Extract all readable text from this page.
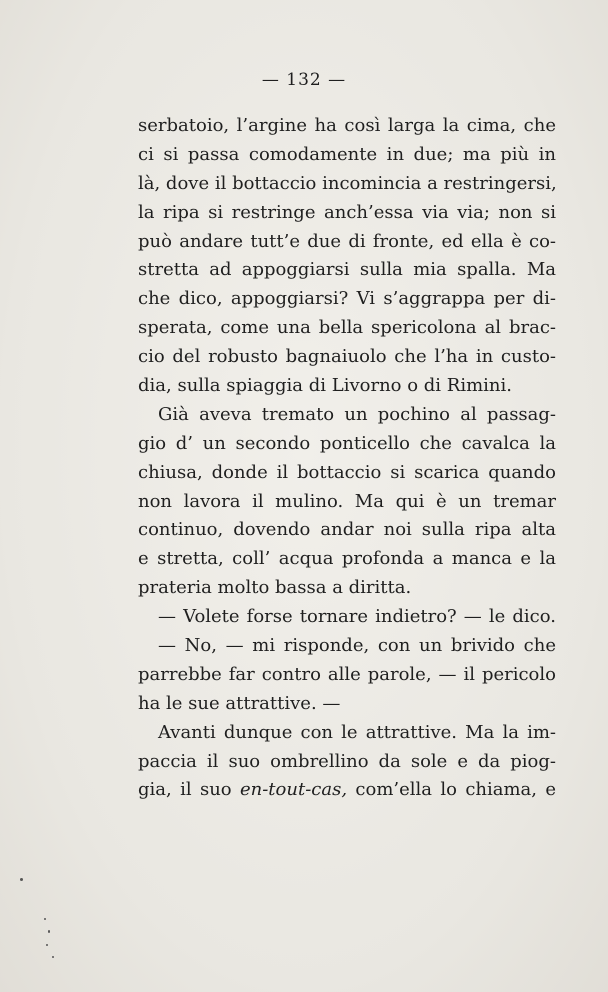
— 132 —
serbatoio, l’argine ha così larga la cima, che
ci si passa comodamente in due; ma più in
là, dove il bottaccio incomincia a restringersi,
la ripa si restringe anch’essa via via; non si
può andare tutt’e due di fronte, ed ella è co-
stretta ad appoggiarsi sulla mia spalla. Ma
che dico, appoggiarsi? Vi s’aggrappa per di-
sperata, come una bella spericolona al brac-
cio del robusto bagnaiuolo che l’ha in custo-
dia, sulla spiaggia di Livorno o di Rimini.
Già aveva tremato un pochino al passag-
gio d’ un secondo ponticello che cavalca la
chiusa, donde il bottaccio si scarica quando
non lavora il mulino. Ma qui è un tremar
continuo, dovendo andar noi sulla ripa alta
e stretta, coll’ acqua profonda a manca e la
prateria molto bassa a diritta.
— Volete forse tornare indietro? — le dico.
— No, — mi risponde, con un brivido che
parrebbe far contro alle parole, — il pericolo
ha le sue attrattive. —
Avanti dunque con le attrattive. Ma la im-
paccia il suo ombrellino da sole e da piog-
gia, il suo en-tout-cas, com’ella lo chiama, e
